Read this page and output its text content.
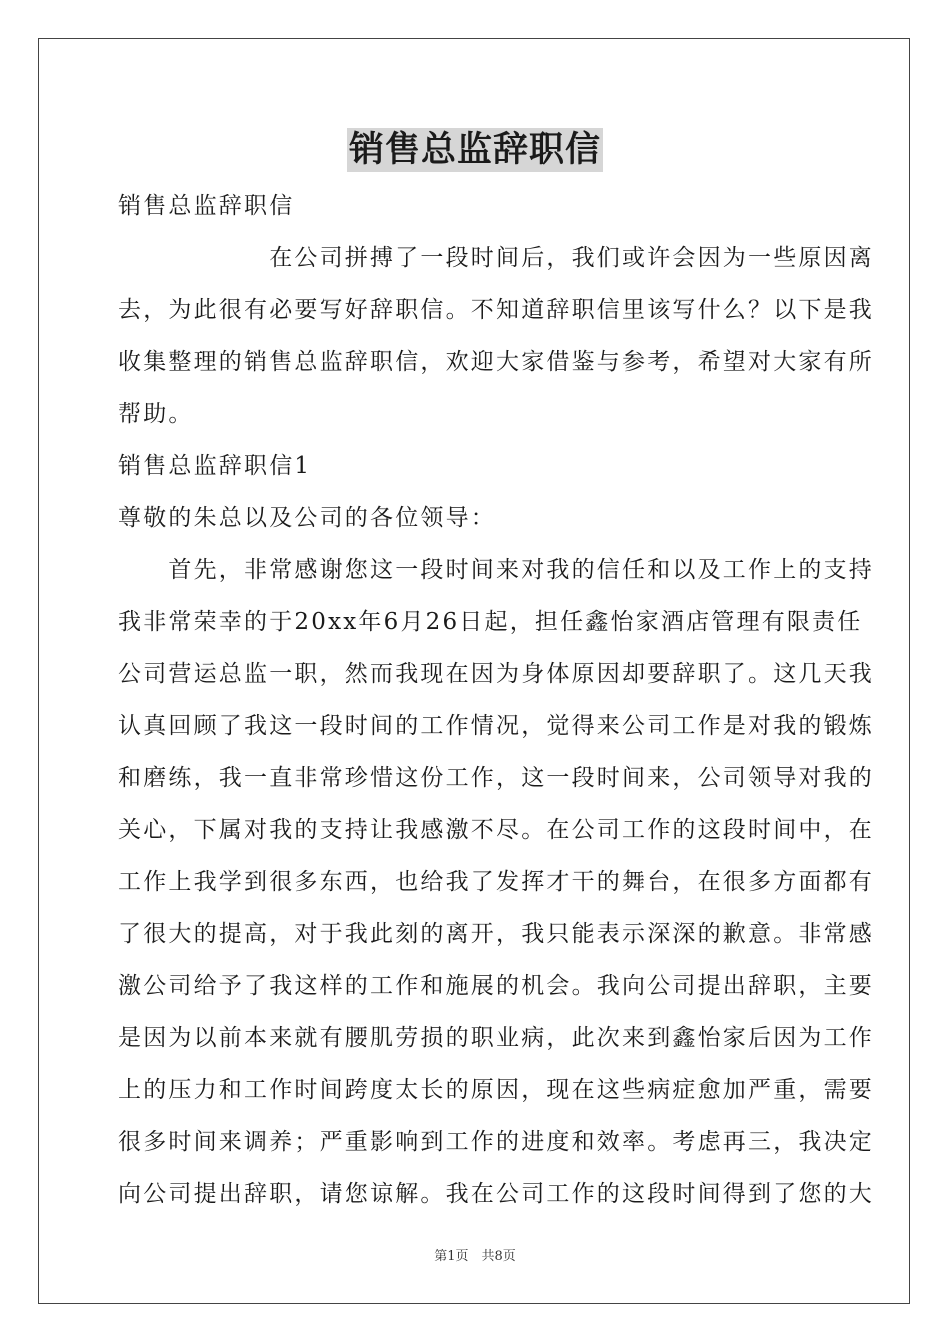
销售总监辞职信
销售总监辞职信
　　　　　　在公司拼搏了一段时间后，我们或许会因为一些原因离
去，为此很有必要写好辞职信。不知道辞职信里该写什么？以下是我
收集整理的销售总监辞职信，欢迎大家借鉴与参考，希望对大家有所
帮助。
销售总监辞职信1
尊敬的朱总以及公司的各位领导：
　　首先，非常感谢您这一段时间来对我的信任和以及工作上的支持
我非常荣幸的于20xx年6月26日起，担任鑫怡家酒店管理有限责任
公司营运总监一职，然而我现在因为身体原因却要辞职了。这几天我
认真回顾了我这一段时间的工作情况，觉得来公司工作是对我的锻炼
和磨练，我一直非常珍惜这份工作，这一段时间来，公司领导对我的
关心，下属对我的支持让我感激不尽。在公司工作的这段时间中，在
工作上我学到很多东西，也给我了发挥才干的舞台，在很多方面都有
了很大的提高，对于我此刻的离开，我只能表示深深的歉意。非常感
激公司给予了我这样的工作和施展的机会。我向公司提出辞职，主要
是因为以前本来就有腰肌劳损的职业病，此次来到鑫怡家后因为工作
上的压力和工作时间跨度太长的原因，现在这些病症愈加严重，需要
很多时间来调养；严重影响到工作的进度和效率。考虑再三，我决定
向公司提出辞职，请您谅解。我在公司工作的这段时间得到了您的大
第1页　共8页
